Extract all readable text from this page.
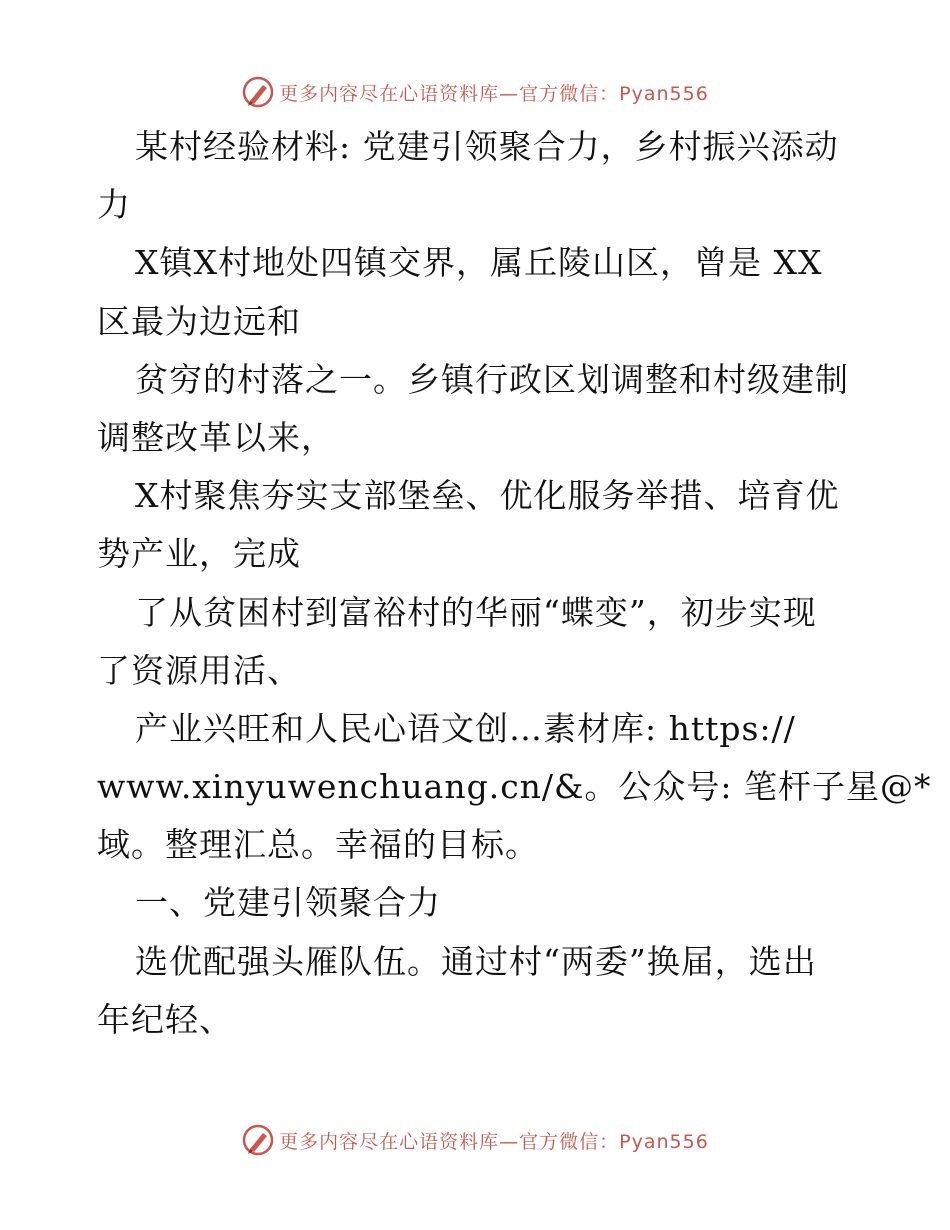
更多内容尽在心语资料库—官方微信：Pyan556
某村经验材料: 党建引领聚合力，乡村振兴添动
力
X镇X村地处四镇交界，属丘陵山区，曾是 XX
区最为边远和
贫穷的村落之一。乡镇行政区划调整和村级建制
调整改革以来，
X村聚焦夯实支部堡垒、优化服务举措、培育优
势产业，完成
了从贫困村到富裕村的华丽“蝶变”，初步实现
了资源用活、
产业兴旺和人民心语文创…素材库: https://
www.xinyuwenchuang.cn/&。公众号: 笔杆子星@*
域。整理汇总。幸福的目标。
一、党建引领聚合力
选优配强头雁队伍。通过村“两委”换届，选出
年纪轻、
更多内容尽在心语资料库—官方微信：Pyan556
